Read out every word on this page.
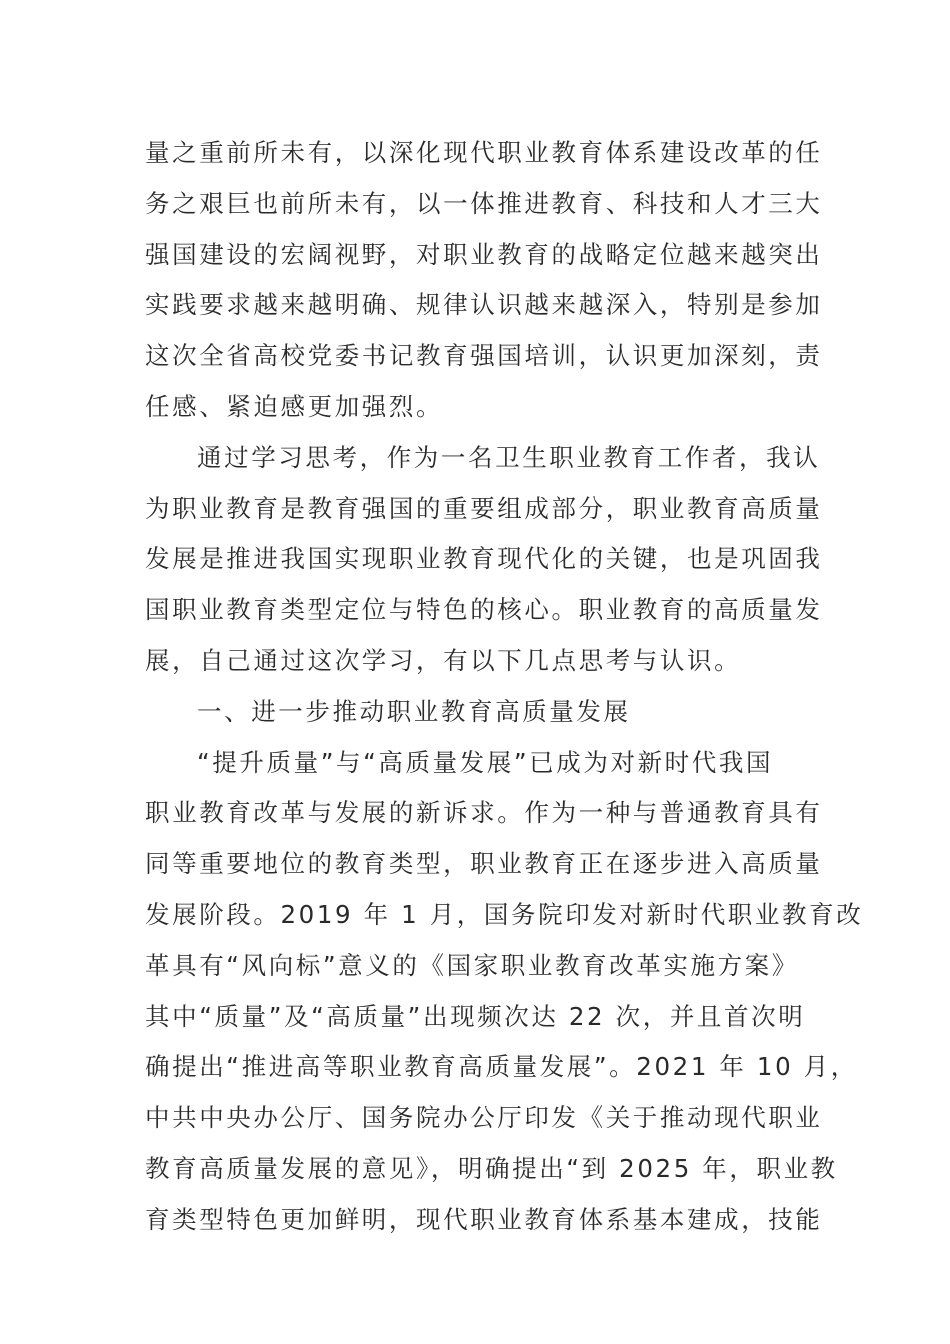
量之重前所未有，以深化现代职业教育体系建设改革的任
务之艰巨也前所未有，以一体推进教育、科技和人才三大
强国建设的宏阔视野，对职业教育的战略定位越来越突出
实践要求越来越明确、规律认识越来越深入，特别是参加
这次全省高校党委书记教育强国培训，认识更加深刻，责
任感、紧迫感更加强烈。
通过学习思考，作为一名卫生职业教育工作者，我认
为职业教育是教育强国的重要组成部分，职业教育高质量
发展是推进我国实现职业教育现代化的关键，也是巩固我
国职业教育类型定位与特色的核心。职业教育的高质量发
展，自己通过这次学习，有以下几点思考与认识。
一、进一步推动职业教育高质量发展
“提升质量”与“高质量发展”已成为对新时代我国
职业教育改革与发展的新诉求。作为一种与普通教育具有
同等重要地位的教育类型，职业教育正在逐步进入高质量
发展阶段。2019 年 1 月，国务院印发对新时代职业教育改
革具有“风向标”意义的《国家职业教育改革实施方案》
其中“质量”及“高质量”出现频次达 22 次，并且首次明
确提出“推进高等职业教育高质量发展”。2021 年 10 月，
中共中央办公厅、国务院办公厅印发《关于推动现代职业
教育高质量发展的意见》，明确提出“到 2025 年，职业教
育类型特色更加鲜明，现代职业教育体系基本建成，技能
